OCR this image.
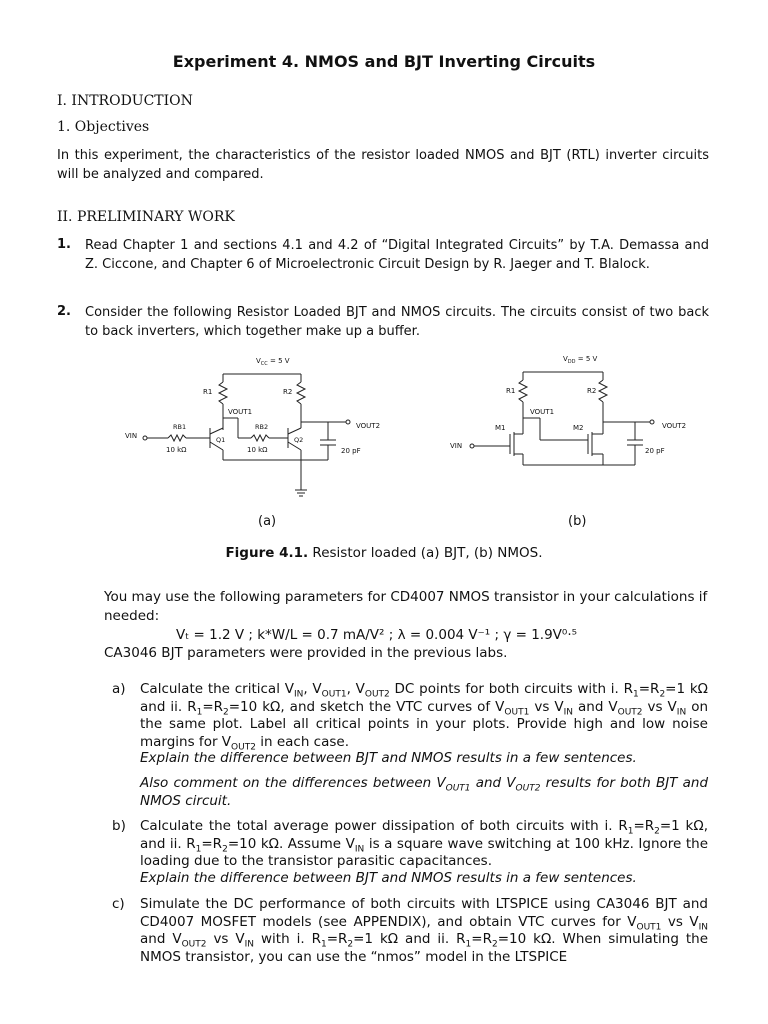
Experiment 4. NMOS and BJT Inverting Circuits
I. INTRODUCTION
1. Objectives
In this experiment, the characteristics of the resistor loaded NMOS and BJT (RTL) inverter circuits will be analyzed and compared.
II. PRELIMINARY WORK
1. Read Chapter 1 and sections 4.1 and 4.2 of “Digital Integrated Circuits” by T.A. Demassa and Z. Ciccone, and Chapter 6 of Microelectronic Circuit Design by R. Jaeger and T. Blalock.
2. Consider the following Resistor Loaded BJT and NMOS circuits. The circuits consist of two back to back inverters, which together make up a buffer.
$V_{CC} = 5$ V
R1	R2
VOUT1
VOUT2
20 pF
VIN
RB1
10 kΩ
Q1
RB2
10 kΩ
Q2
$V_{DD} = 5$ V
R1	R2
VOUT1
VOUT2
20 pF
VIN
M1	M2
(a)	(b)
Figure 4.1. Resistor loaded (a) BJT, (b) NMOS.
You may use the following parameters for CD4007 NMOS transistor in your calculations if needed:
Vₜ = 1.2 V ; k*W/L = 0.7 mA/V² ; λ = 0.004 V⁻¹ ; γ = 1.9V⁰·⁵
CA3046 BJT parameters were provided in the previous labs.
a) Calculate the critical $V_{IN}$, $V_{OUT1}$, $V_{OUT2}$ DC points for both circuits with i. $R_1=R_2=1$ kΩ and ii. $R_1=R_2=10$ kΩ, and sketch the VTC curves of $V_{OUT1}$ vs $V_{IN}$ and $V_{OUT2}$ vs $V_{IN}$ on the same plot. Label all critical points in your plots. Provide high and low noise margins for $V_{OUT2}$ in each case.
Explain the difference between BJT and NMOS results in a few sentences.
Also comment on the differences between $V_{OUT1}$ and $V_{OUT2}$ results for both BJT and NMOS circuit.
b) Calculate the total average power dissipation of both circuits with i. $R_1=R_2=1$ kΩ, and ii. $R_1=R_2=10$ kΩ. Assume $V_{IN}$ is a square wave switching at 100 kHz. Ignore the loading due to the transistor parasitic capacitances.
Explain the difference between BJT and NMOS results in a few sentences.
c) Simulate the DC performance of both circuits with LTSPICE using CA3046 BJT and CD4007 MOSFET models (see APPENDIX), and obtain VTC curves for $V_{OUT1}$ vs $V_{IN}$ and $V_{OUT2}$ vs $V_{IN}$ with i. $R_1=R_2=1$ kΩ and ii. $R_1=R_2=10$ kΩ. When simulating the NMOS transistor, you can use the “nmos” model in the LTSPICE
